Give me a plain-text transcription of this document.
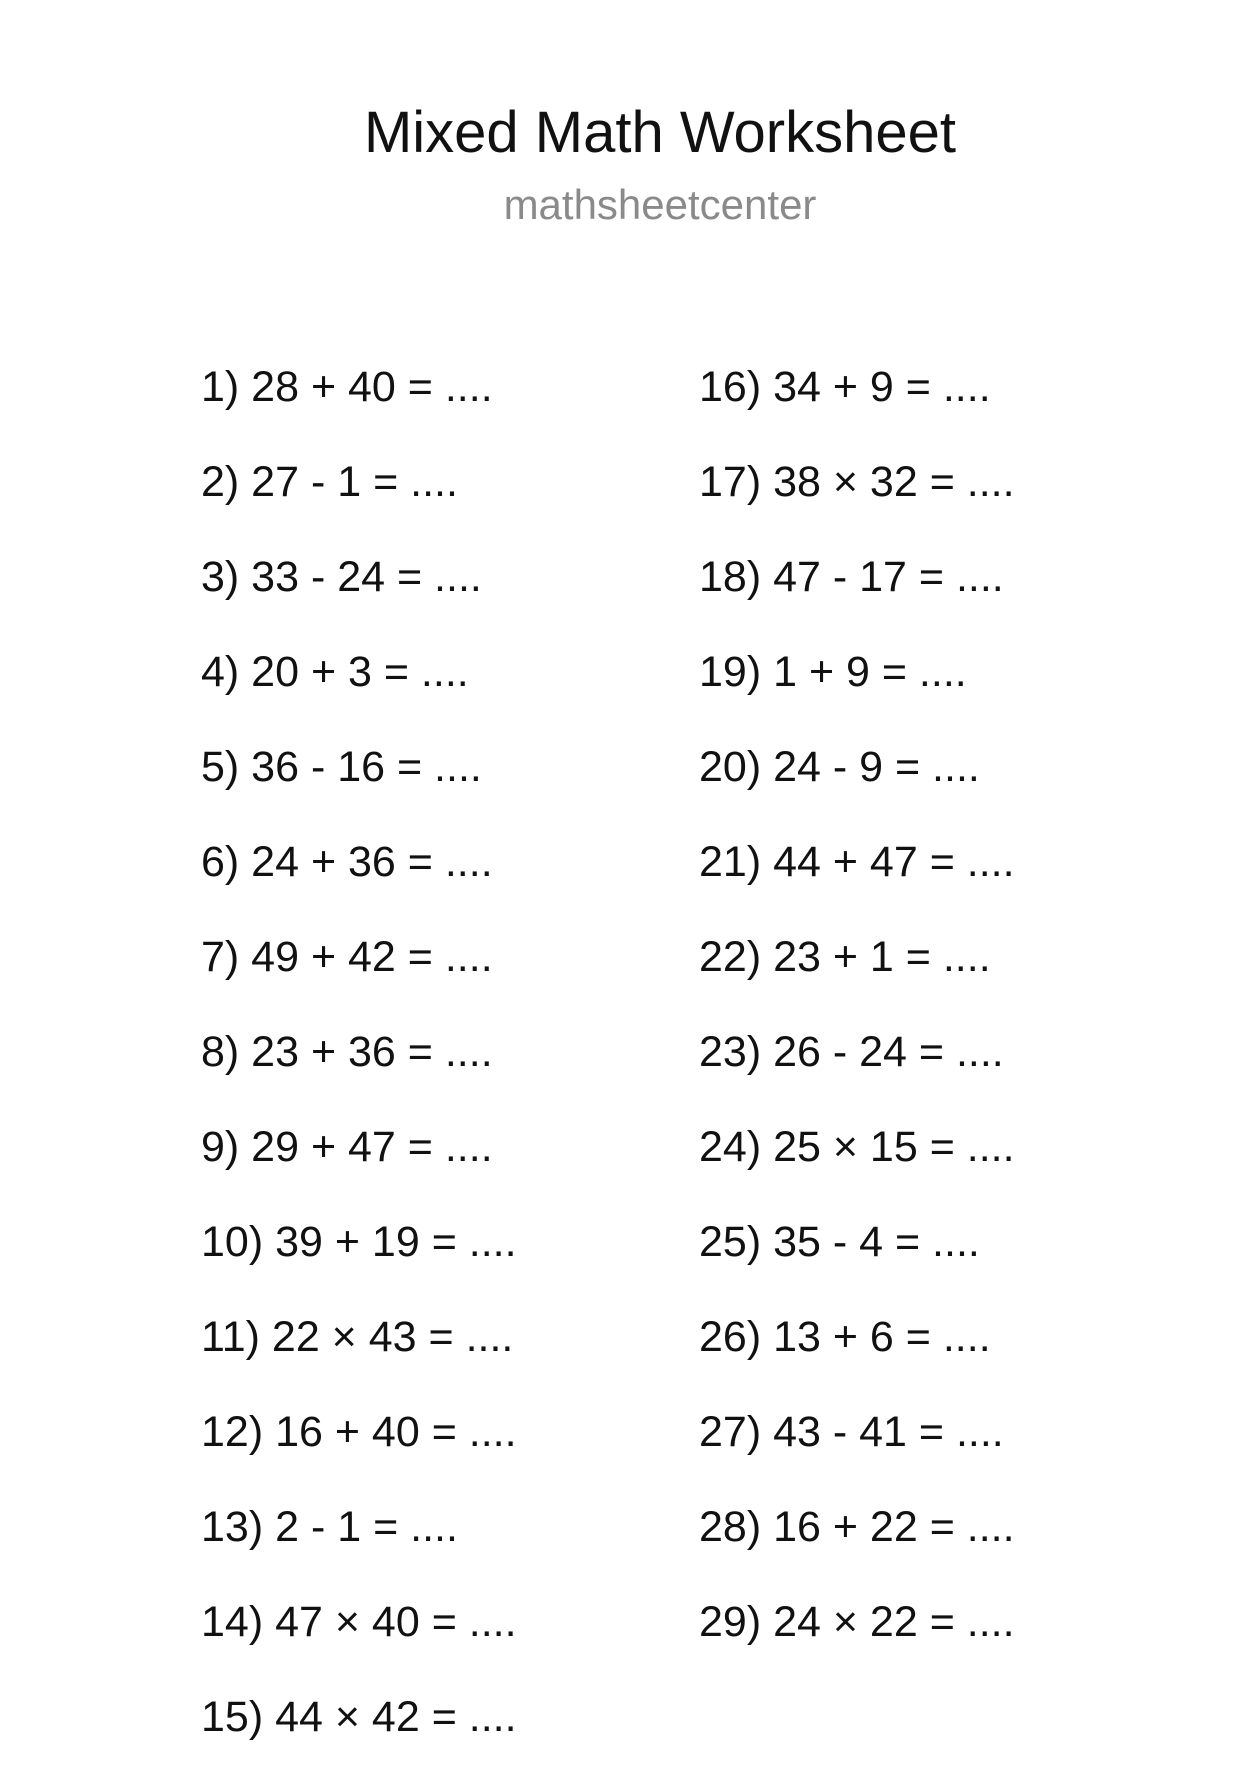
Mixed Math Worksheet
mathsheetcenter
1) 28 + 40 = ....
2) 27 - 1 = ....
3) 33 - 24 = ....
4) 20 + 3 = ....
5) 36 - 16 = ....
6) 24 + 36 = ....
7) 49 + 42 = ....
8) 23 + 36 = ....
9) 29 + 47 = ....
10) 39 + 19 = ....
11) 22 × 43 = ....
12) 16 + 40 = ....
13) 2 - 1 = ....
14) 47 × 40 = ....
15) 44 × 42 = ....
16) 34 + 9 = ....
17) 38 × 32 = ....
18) 47 - 17 = ....
19) 1 + 9 = ....
20) 24 - 9 = ....
21) 44 + 47 = ....
22) 23 + 1 = ....
23) 26 - 24 = ....
24) 25 × 15 = ....
25) 35 - 4 = ....
26) 13 + 6 = ....
27) 43 - 41 = ....
28) 16 + 22 = ....
29) 24 × 22 = ....
